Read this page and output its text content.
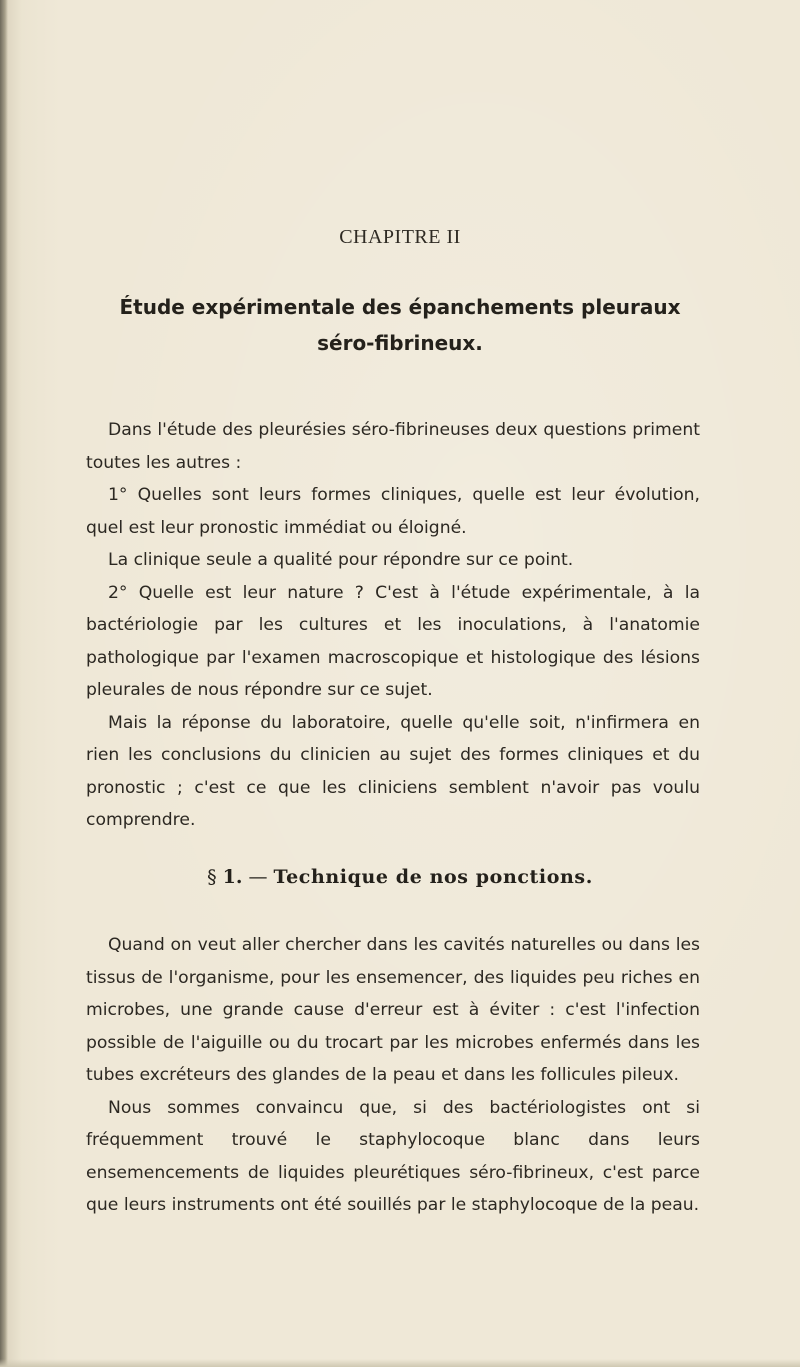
CHAPITRE II
Étude expérimentale des épanchements pleuraux
séro-fibrineux.

Dans l'étude des pleurésies séro-fibrineuses deux questions priment toutes les autres :

1° Quelles sont leurs formes cliniques, quelle est leur évolution, quel est leur pronostic immédiat ou éloigné.

La clinique seule a qualité pour répondre sur ce point.

2° Quelle est leur nature ? C'est à l'étude expérimentale, à la bactériologie par les cultures et les inoculations, à l'anatomie pathologique par l'examen macroscopique et histologique des lésions pleurales de nous répondre sur ce sujet.

Mais la réponse du laboratoire, quelle qu'elle soit, n'infirmera en rien les conclusions du clinicien au sujet des formes cliniques et du pronostic ; c'est ce que les cliniciens semblent n'avoir pas voulu comprendre.

§ 1. — Technique de nos ponctions.

Quand on veut aller chercher dans les cavités naturelles ou dans les tissus de l'organisme, pour les ensemencer, des liquides peu riches en microbes, une grande cause d'erreur est à éviter : c'est l'infection possible de l'aiguille ou du trocart par les microbes enfermés dans les tubes excréteurs des glandes de la peau et dans les follicules pileux.

Nous sommes convaincu que, si des bactériologistes ont si fréquemment trouvé le staphylocoque blanc dans leurs ensemencements de liquides pleurétiques séro-fibrineux, c'est parce que leurs instruments ont été souillés par le staphylocoque de la peau.
